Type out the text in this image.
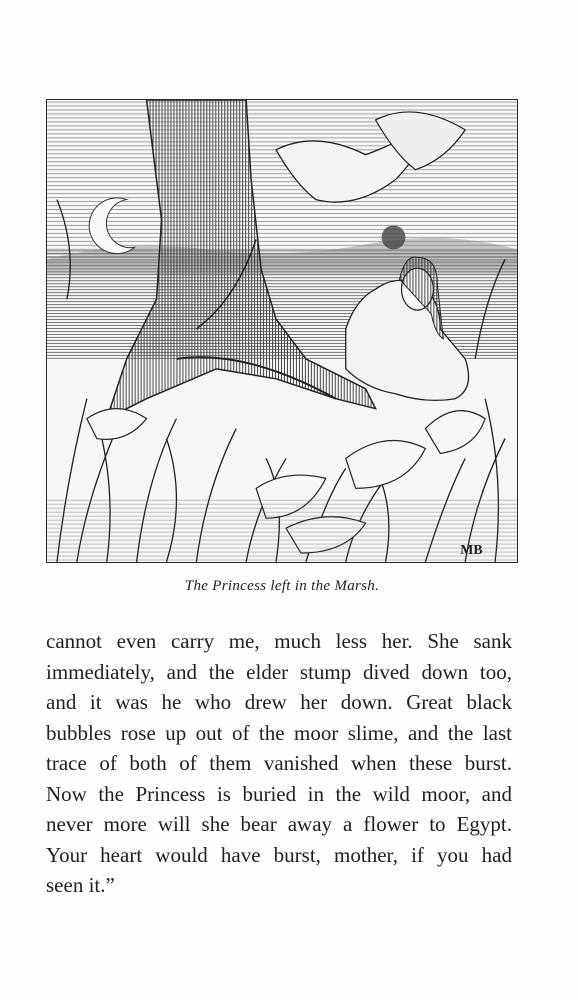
MB
The Princess left in the Marsh.
cannot even carry me, much less her. She sank
immediately, and the elder stump dived down too,
and it was he who drew her down. Great black
bubbles rose up out of the moor slime, and the last
trace of both of them vanished when these burst.
Now the Princess is buried in the wild moor, and
never more will she bear away a flower to Egypt.
Your heart would have burst, mother, if you had
seen it.”
